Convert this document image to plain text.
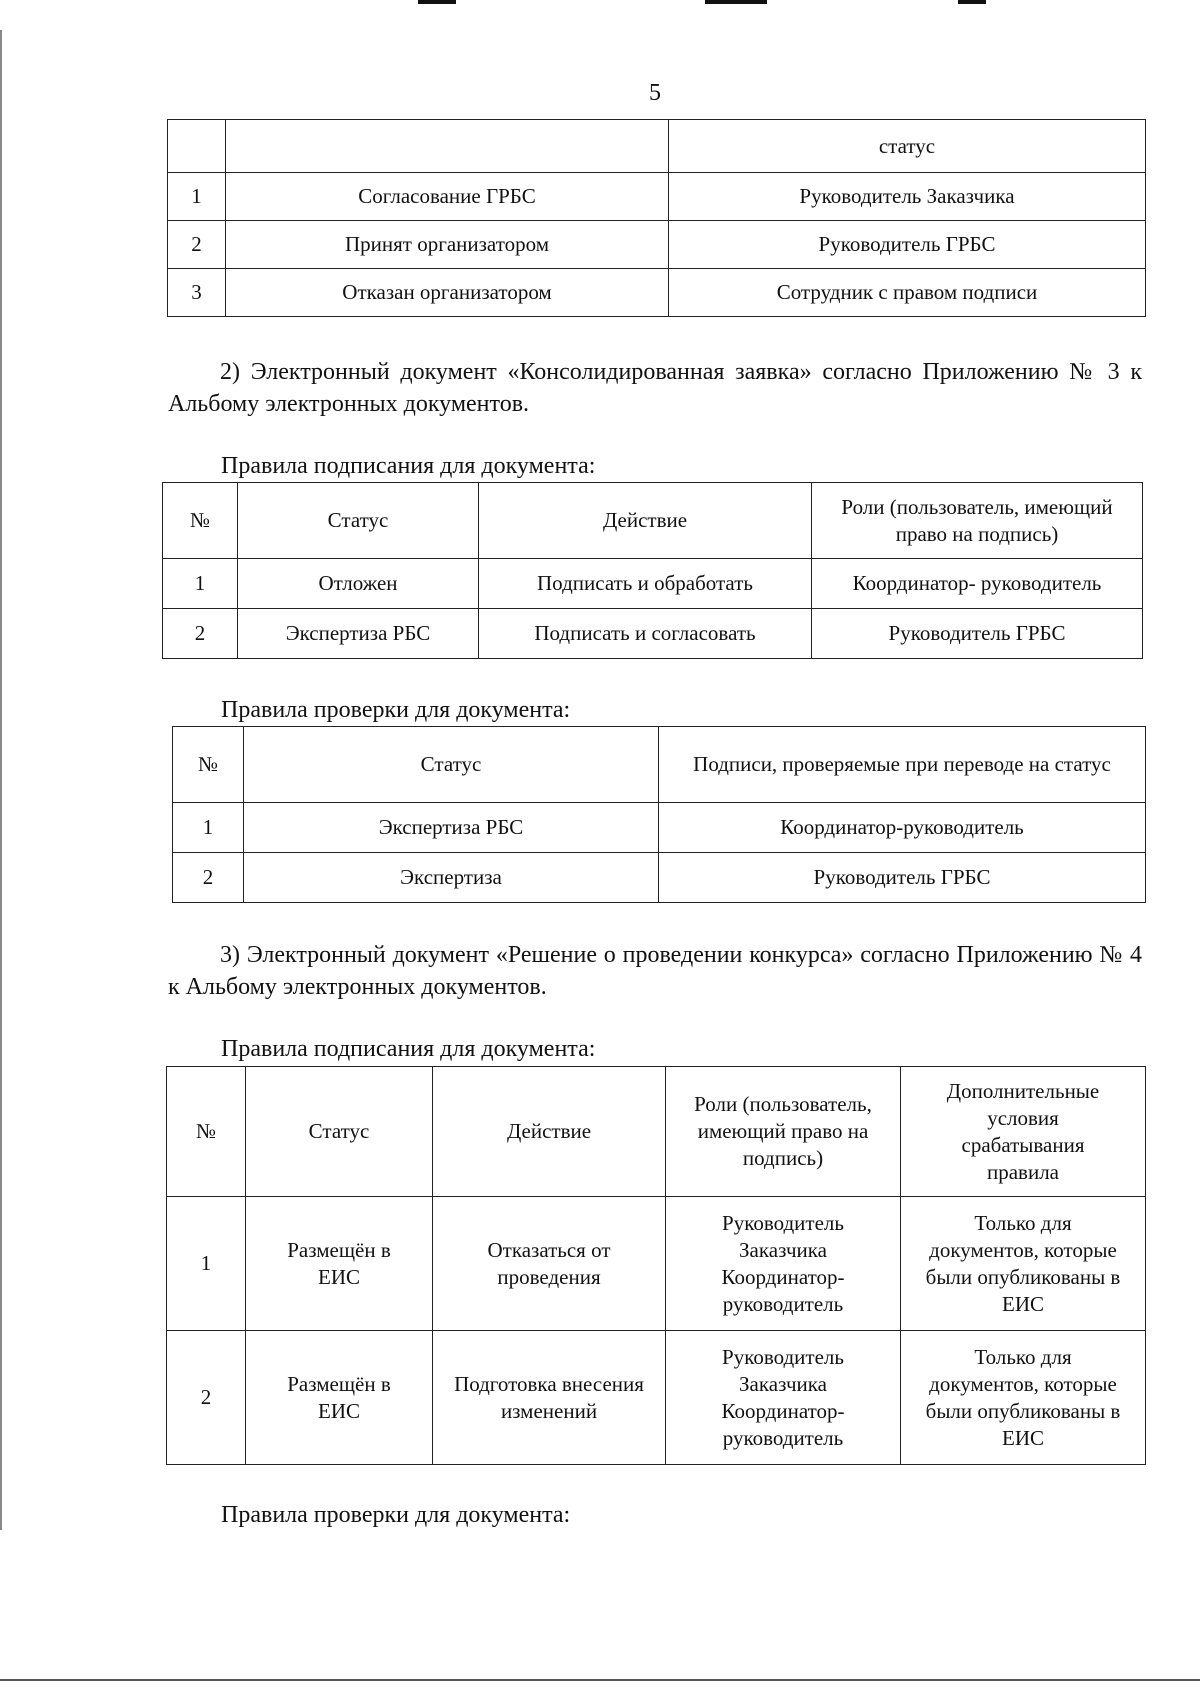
5
		статус
1	Согласование ГРБС	Руководитель Заказчика
2	Принят организатором	Руководитель ГРБС
3	Отказан организатором	Сотрудник с правом подписи

2) Электронный документ «Консолидированная заявка» согласно Приложению № 3 к Альбому электронных документов.

Правила подписания для документа:

№	Статус	Действие	Роли (пользователь, имеющий право на подпись)
1	Отложен	Подписать и обработать	Координатор- руководитель
2	Экспертиза РБС	Подписать и согласовать	Руководитель ГРБС

Правила проверки для документа:

№	Статус	Подписи, проверяемые при переводе на статус
1	Экспертиза РБС	Координатор-руководитель
2	Экспертиза	Руководитель ГРБС

3) Электронный документ «Решение о проведении конкурса» согласно Приложению № 4 к Альбому электронных документов.

Правила подписания для документа:

№	Статус	Действие	Роли (пользователь,
имеющий право на
подпись)	Дополнительные
условия
срабатывания
правила
1	Размещён в
ЕИС	Отказаться от
проведения	Руководитель
Заказчика
Координатор-
руководитель	Только для
документов, которые
были опубликованы в
ЕИС
2	Размещён в
ЕИС	Подготовка внесения
изменений	Руководитель
Заказчика
Координатор-
руководитель	Только для
документов, которые
были опубликованы в
ЕИС

Правила проверки для документа:
